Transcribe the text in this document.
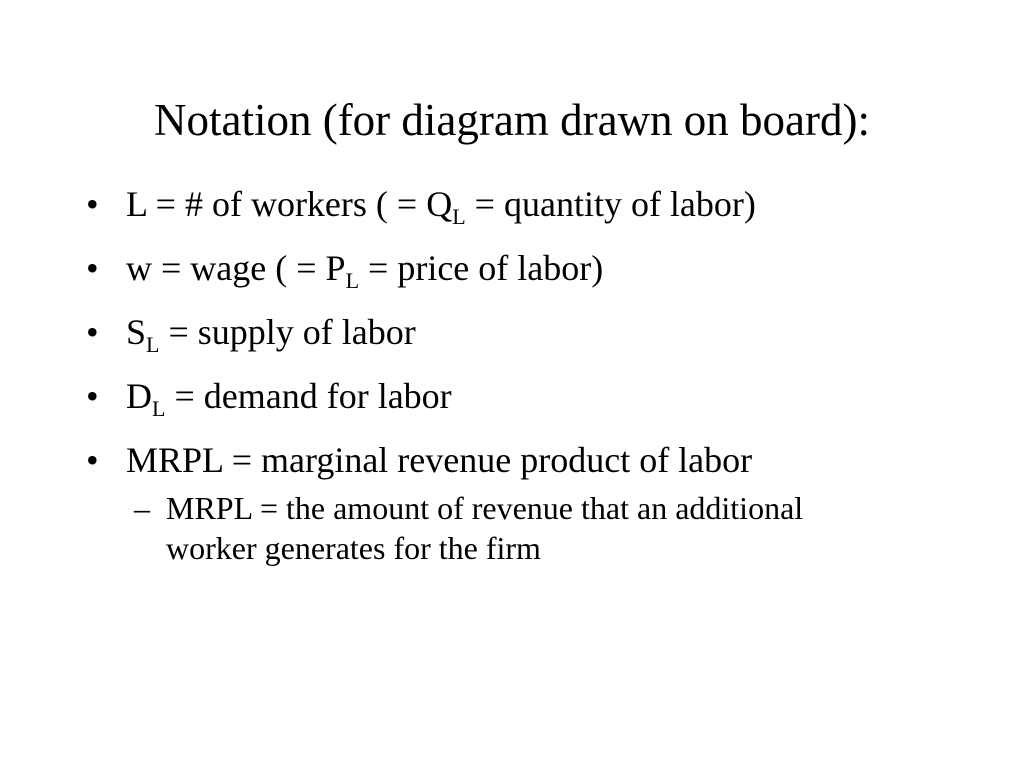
Notation (for diagram drawn on board):
• L = # of workers ( = $Q_L$ = quantity of labor)
• w = wage ( = $P_L$ = price of labor)
• $S_L$ = supply of labor
• $D_L$ = demand for labor
• MRPL = marginal revenue product of labor
– MRPL = the amount of revenue that an additional worker generates for the firm
